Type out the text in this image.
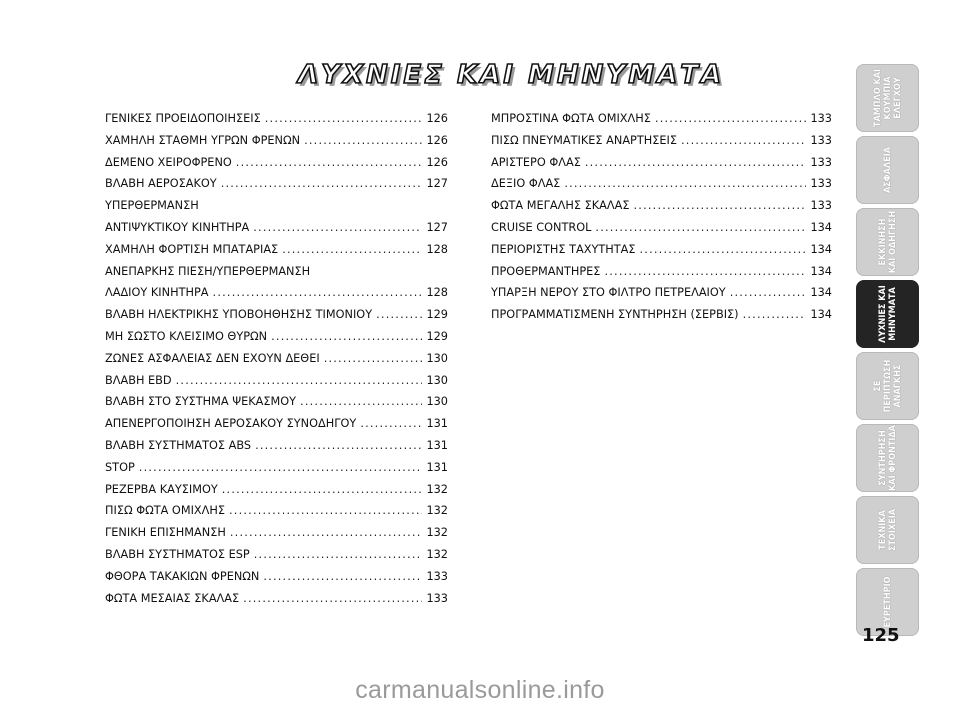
ΛΥΧΝΙΕΣ ΚΑΙ ΜΗΝΥΜΑΤΑ
ΓΕΝΙΚΕΣ ΠΡΟΕΙΔΟΠΟΙΗΣΕΙΣ .....	126
ΧΑΜΗΛΗ ΣΤΑΘΜΗ ΥΓΡΩΝ ΦΡΕΝΩΝ .....	126
ΔΕΜΕΝΟ ΧΕΙΡΟΦΡΕΝΟ .....	126
ΒΛΑΒΗ ΑΕΡΟΣΑΚΟΥ .....	127
ΥΠΕΡΘΕΡΜΑΝΣΗ
ΑΝΤΙΨΥΚΤΙΚΟΥ ΚΙΝΗΤΗΡΑ .....	127
ΧΑΜΗΛΗ ΦΟΡΤΙΣΗ ΜΠΑΤΑΡΙΑΣ .....	128
ΑΝΕΠΑΡΚΗΣ ΠΙΕΣΗ/ΥΠΕΡΘΕΡΜΑΝΣΗ
ΛΑΔΙΟΥ ΚΙΝΗΤΗΡΑ .....	128
ΒΛΑΒΗ ΗΛΕΚΤΡΙΚΗΣ ΥΠΟΒΟΗΘΗΣΗΣ ΤΙΜΟΝΙΟΥ .....	129
ΜΗ ΣΩΣΤΟ ΚΛΕΙΣΙΜΟ ΘΥΡΩΝ .....	129
ΖΩΝΕΣ ΑΣΦΑΛΕΙΑΣ ΔΕΝ ΕΧΟΥΝ ΔΕΘΕΙ .....	130
ΒΛΑΒΗ EBD .....	130
ΒΛΑΒΗ ΣΤΟ ΣΥΣΤΗΜΑ ΨΕΚΑΣΜΟΥ .....	130
ΑΠΕΝΕΡΓΟΠΟΙΗΣΗ ΑΕΡΟΣΑΚΟΥ ΣΥΝΟΔΗΓΟΥ .....	131
ΒΛΑΒΗ ΣΥΣΤΗΜΑΤΟΣ ABS .....	131
STOP .....	131
ΡΕΖΕΡΒΑ ΚΑΥΣΙΜΟΥ .....	132
ΠΙΣΩ ΦΩΤΑ ΟΜΙΧΛΗΣ .....	132
ΓΕΝΙΚΗ ΕΠΙΣΗΜΑΝΣΗ .....	132
ΒΛΑΒΗ ΣΥΣΤΗΜΑΤΟΣ ESP .....	132
ΦΘΟΡΑ ΤΑΚΑΚΙΩΝ ΦΡΕΝΩΝ .....	133
ΦΩΤΑ ΜΕΣΑΙΑΣ ΣΚΑΛΑΣ .....	133
ΜΠΡΟΣΤΙΝΑ ΦΩΤΑ ΟΜΙΧΛΗΣ .....	133
ΠΙΣΩ ΠΝΕΥΜΑΤΙΚΕΣ ΑΝΑΡΤΗΣΕΙΣ .....	133
ΑΡΙΣΤΕΡΟ ΦΛΑΣ .....	133
ΔΕΞΙΟ ΦΛΑΣ .....	133
ΦΩΤΑ ΜΕΓΑΛΗΣ ΣΚΑΛΑΣ .....	133
CRUISE CONTROL .....	134
ΠΕΡΙΟΡΙΣΤΗΣ ΤΑΧΥΤΗΤΑΣ .....	134
ΠΡΟΘΕΡΜΑΝΤΗΡΕΣ .....	134
ΥΠΑΡΞΗ ΝΕΡΟΥ ΣΤΟ ΦΙΛΤΡΟ ΠΕΤΡΕΛΑΙΟΥ .....	134
ΠΡΟΓΡΑΜΜΑΤΙΣΜΕΝΗ ΣΥΝΤΗΡΗΣΗ (ΣΕΡΒΙΣ) .....	134
ΤΑΜΠΛΟ ΚΑΙ
ΚΟΥΜΠΙΑ
ΕΛΕΓΧΟΥ
ΑΣΦΑΛΕΙΑ
ΕΚΚΙΝΗΣΗ
ΚΑΙ ΟΔΗΓΗΣΗ
ΛΥΧΝΙΕΣ ΚΑΙ
ΜΗΝΥΜΑΤΑ
ΣΕ ΠΕΡΙΠΤΩΣΗ
ΑΝΑΓΚΗΣ
ΣΥΝΤΗΡΗΣΗ
ΚΑΙ ΦΡΟΝΤΙΔΑ
ΤΕΧΝΙΚΑ
ΣΤΟΙΧΕΙΑ
ΕΥΡΕΤΗΡΙΟ
125
carmanualsonline.info
